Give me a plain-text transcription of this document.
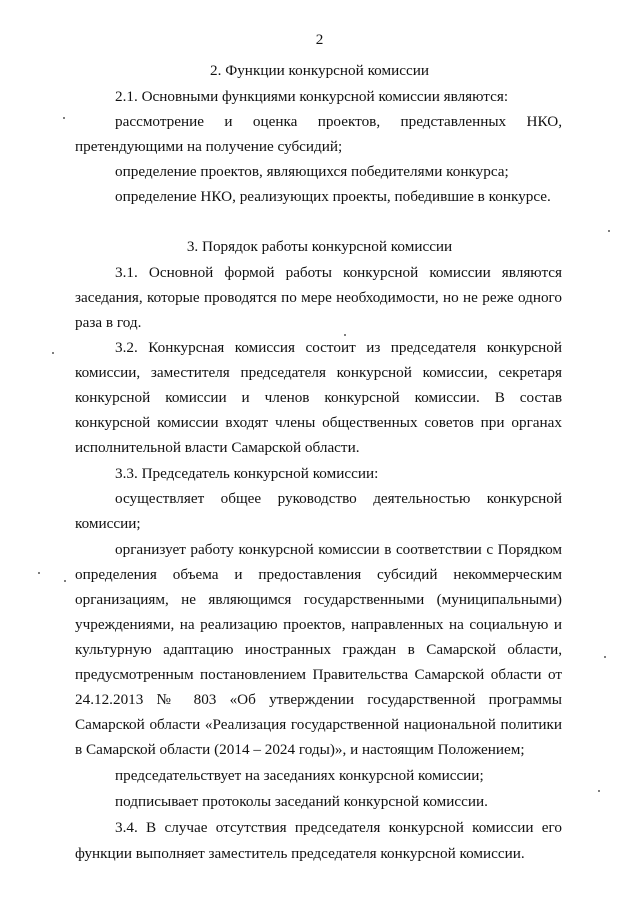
2
2. Функции конкурсной комиссии
2.1. Основными функциями конкурсной комиссии являются:
рассмотрение и оценка проектов, представленных НКО,
претендующими на получение субсидий;
определение проектов, являющихся победителями конкурса;
определение НКО, реализующих проекты, победившие в конкурсе.
3. Порядок работы конкурсной комиссии
3.1. Основной формой работы конкурсной комиссии являются
заседания, которые проводятся по мере необходимости, но не реже одного
раза в год.
3.2. Конкурсная комиссия состоит из председателя конкурсной
комиссии, заместителя председателя конкурсной комиссии, секретаря
конкурсной комиссии и членов конкурсной комиссии. В состав
конкурсной комиссии входят члены общественных советов при органах
исполнительной власти Самарской области.
3.3. Председатель конкурсной комиссии:
осуществляет общее руководство деятельностью конкурсной
комиссии;
организует работу конкурсной комиссии в соответствии с Порядком
определения объема и предоставления субсидий некоммерческим
организациям, не являющимся государственными (муниципальными)
учреждениями, на реализацию проектов, направленных на социальную и
культурную адаптацию иностранных граждан в Самарской области,
предусмотренным постановлением Правительства Самарской области от
24.12.2013 № 803 «Об утверждении государственной программы
Самарской области «Реализация государственной национальной политики
в Самарской области (2014 – 2024 годы)», и настоящим Положением;
председательствует на заседаниях конкурсной комиссии;
подписывает протоколы заседаний конкурсной комиссии.
3.4. В случае отсутствия председателя конкурсной комиссии его
функции выполняет заместитель председателя конкурсной комиссии.
